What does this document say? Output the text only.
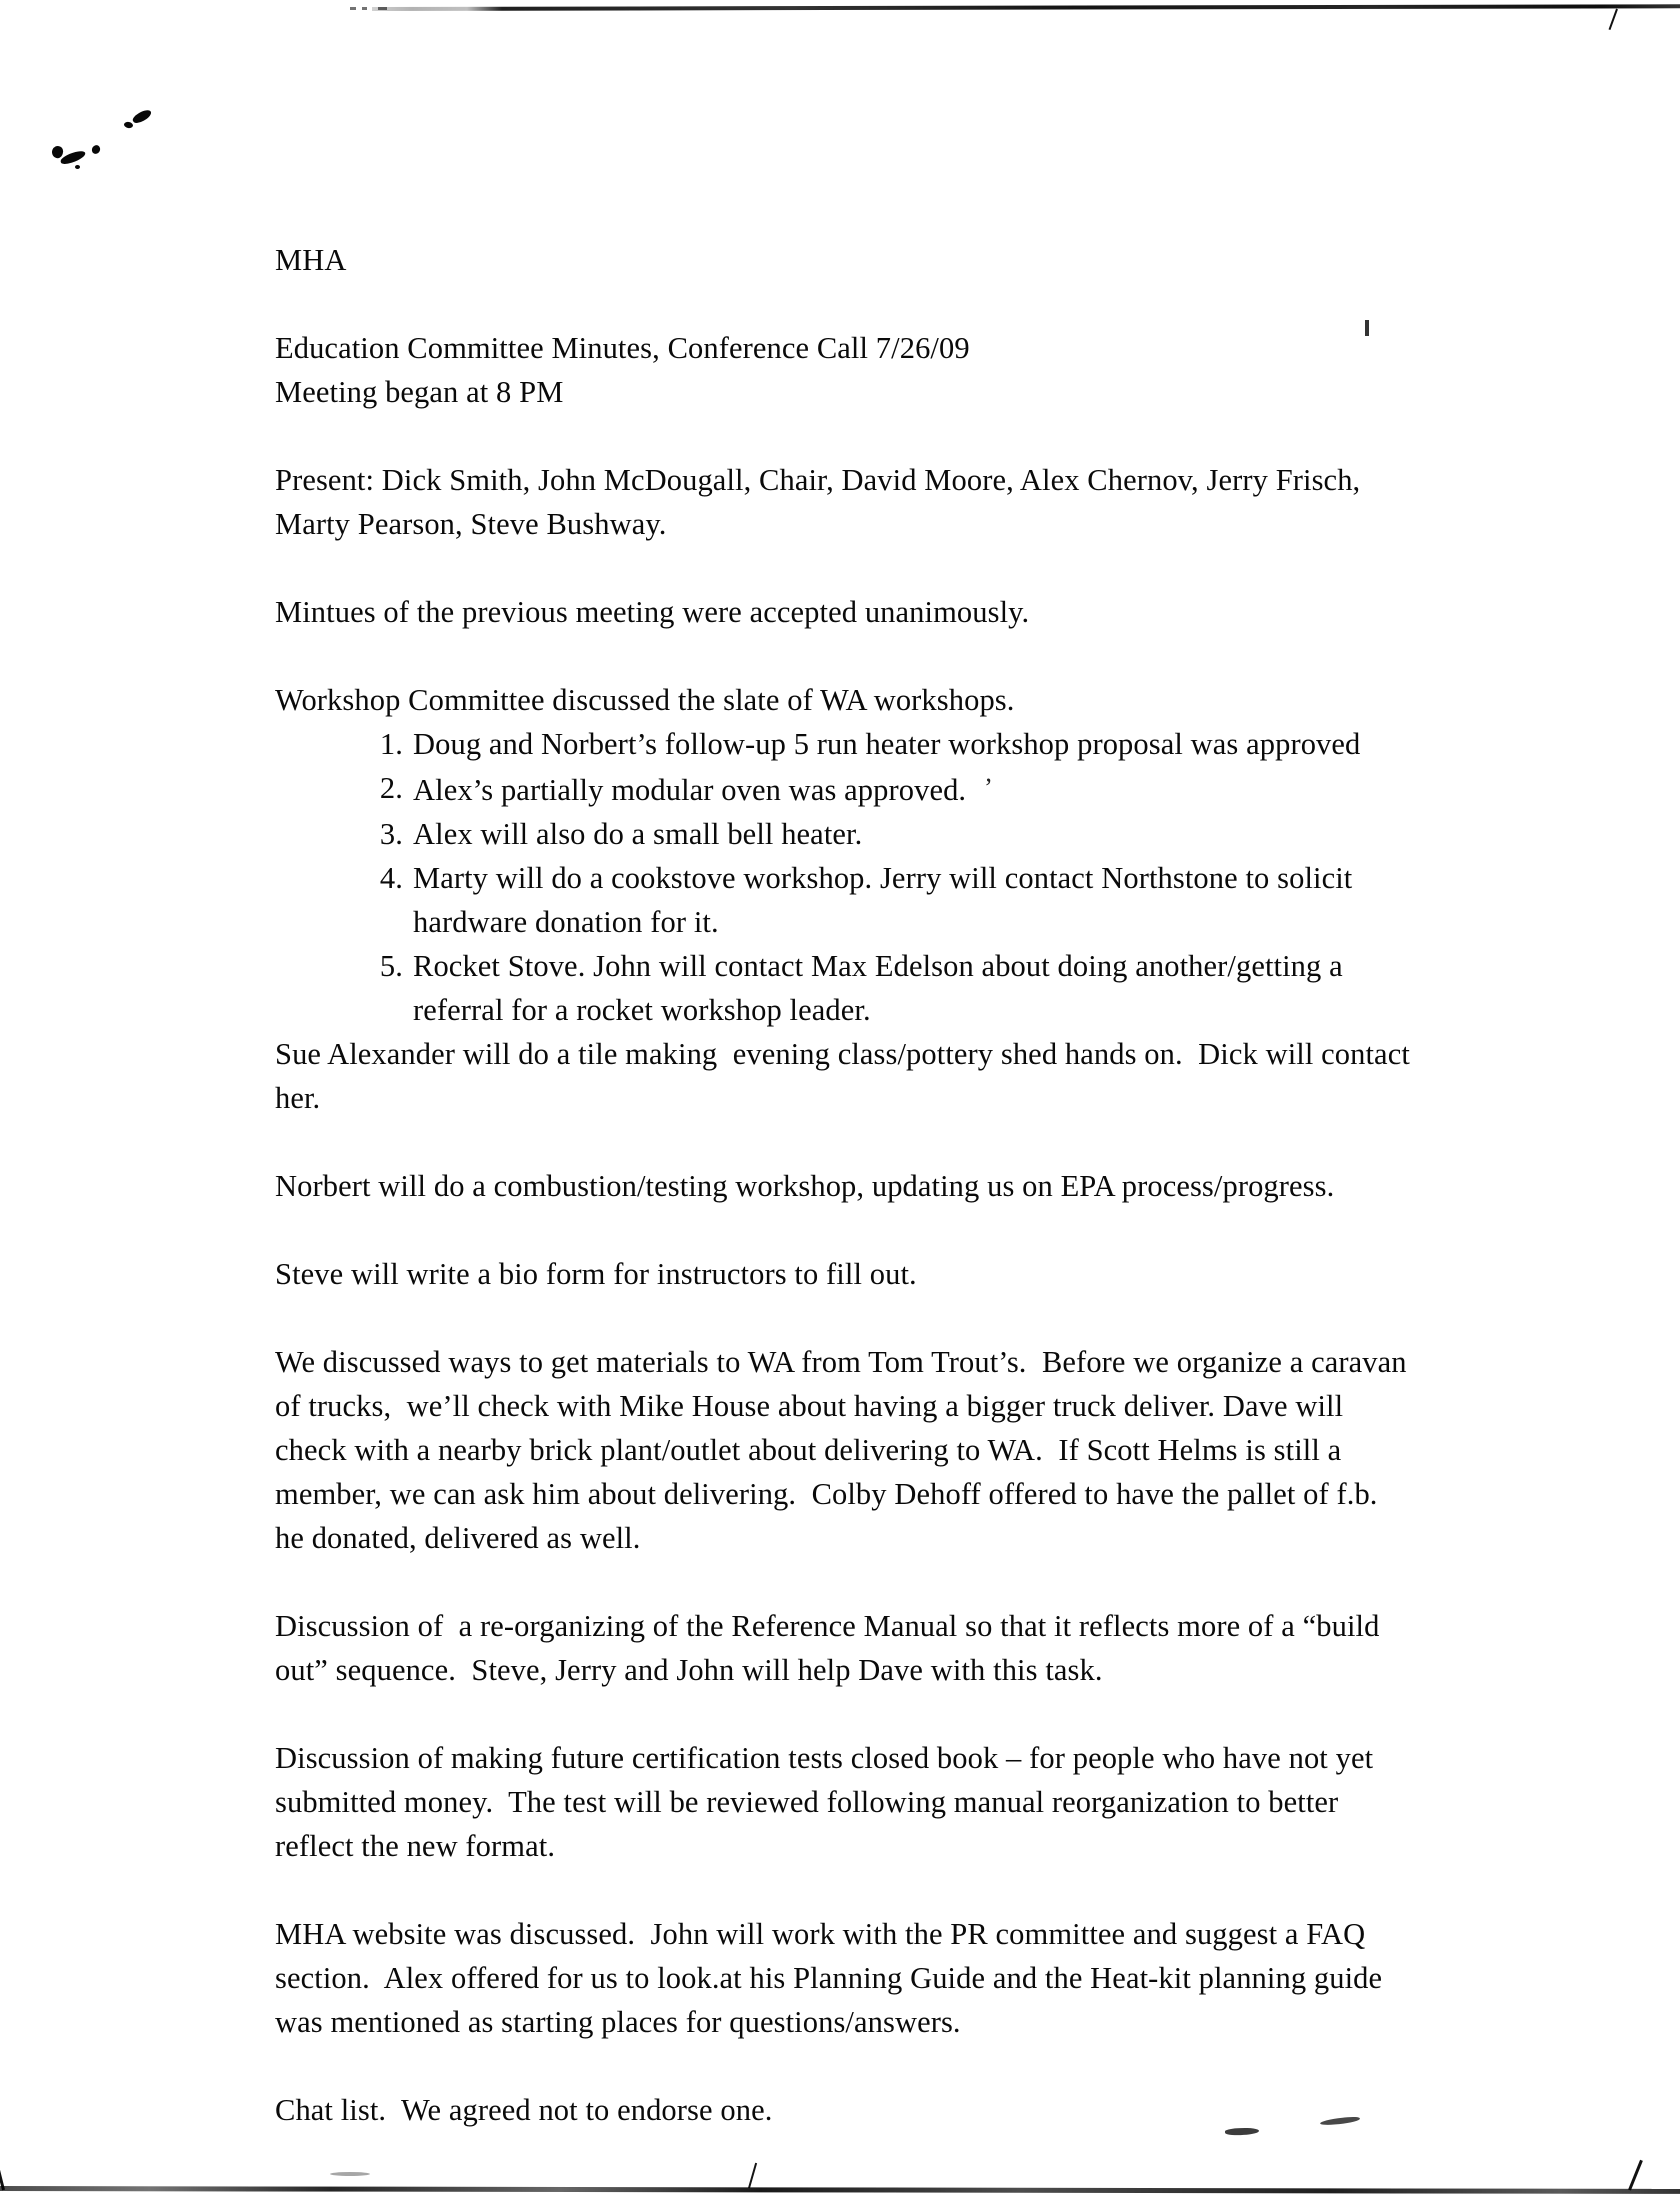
MHA

Education Committee Minutes, Conference Call 7/26/09

Meeting began at 8 PM

Present: Dick Smith, John McDougall, Chair, David Moore, Alex Chernov, Jerry Frisch,

Marty Pearson, Steve Bushway.

Mintues of the previous meeting were accepted unanimously.

Workshop Committee discussed the slate of WA workshops.

Doug and Norbert’s follow-up 5 run heater workshop proposal was approved
Alex’s partially modular oven was approved. ’
Alex will also do a small bell heater.
Marty will do a cookstove workshop. Jerry will contact Northstone to solicit hardware donation for it.
Rocket Stove. John will contact Max Edelson about doing another/getting a referral for a rocket workshop leader.

Sue Alexander will do a tile making  evening class/pottery shed hands on.  Dick will contact her.

Norbert will do a combustion/testing workshop, updating us on EPA process/progress.

Steve will write a bio form for instructors to fill out.

We discussed ways to get materials to WA from Tom Trout’s.  Before we organize a caravan of trucks,  we’ll check with Mike House about having a bigger truck deliver. Dave will check with a nearby brick plant/outlet about delivering to WA.  If Scott Helms is still a member, we can ask him about delivering.  Colby Dehoff offered to have the pallet of f.b. he donated, delivered as well.

Discussion of  a re-organizing of the Reference Manual so that it reflects more of a “build out” sequence.  Steve, Jerry and John will help Dave with this task.

Discussion of making future certification tests closed book – for people who have not yet submitted money.  The test will be reviewed following manual reorganization to better reflect the new format.

MHA website was discussed.  John will work with the PR committee and suggest a FAQ section.  Alex offered for us to look.at his Planning Guide and the Heat-kit planning guide was mentioned as starting places for questions/answers.

Chat list.  We agreed not to endorse one.
